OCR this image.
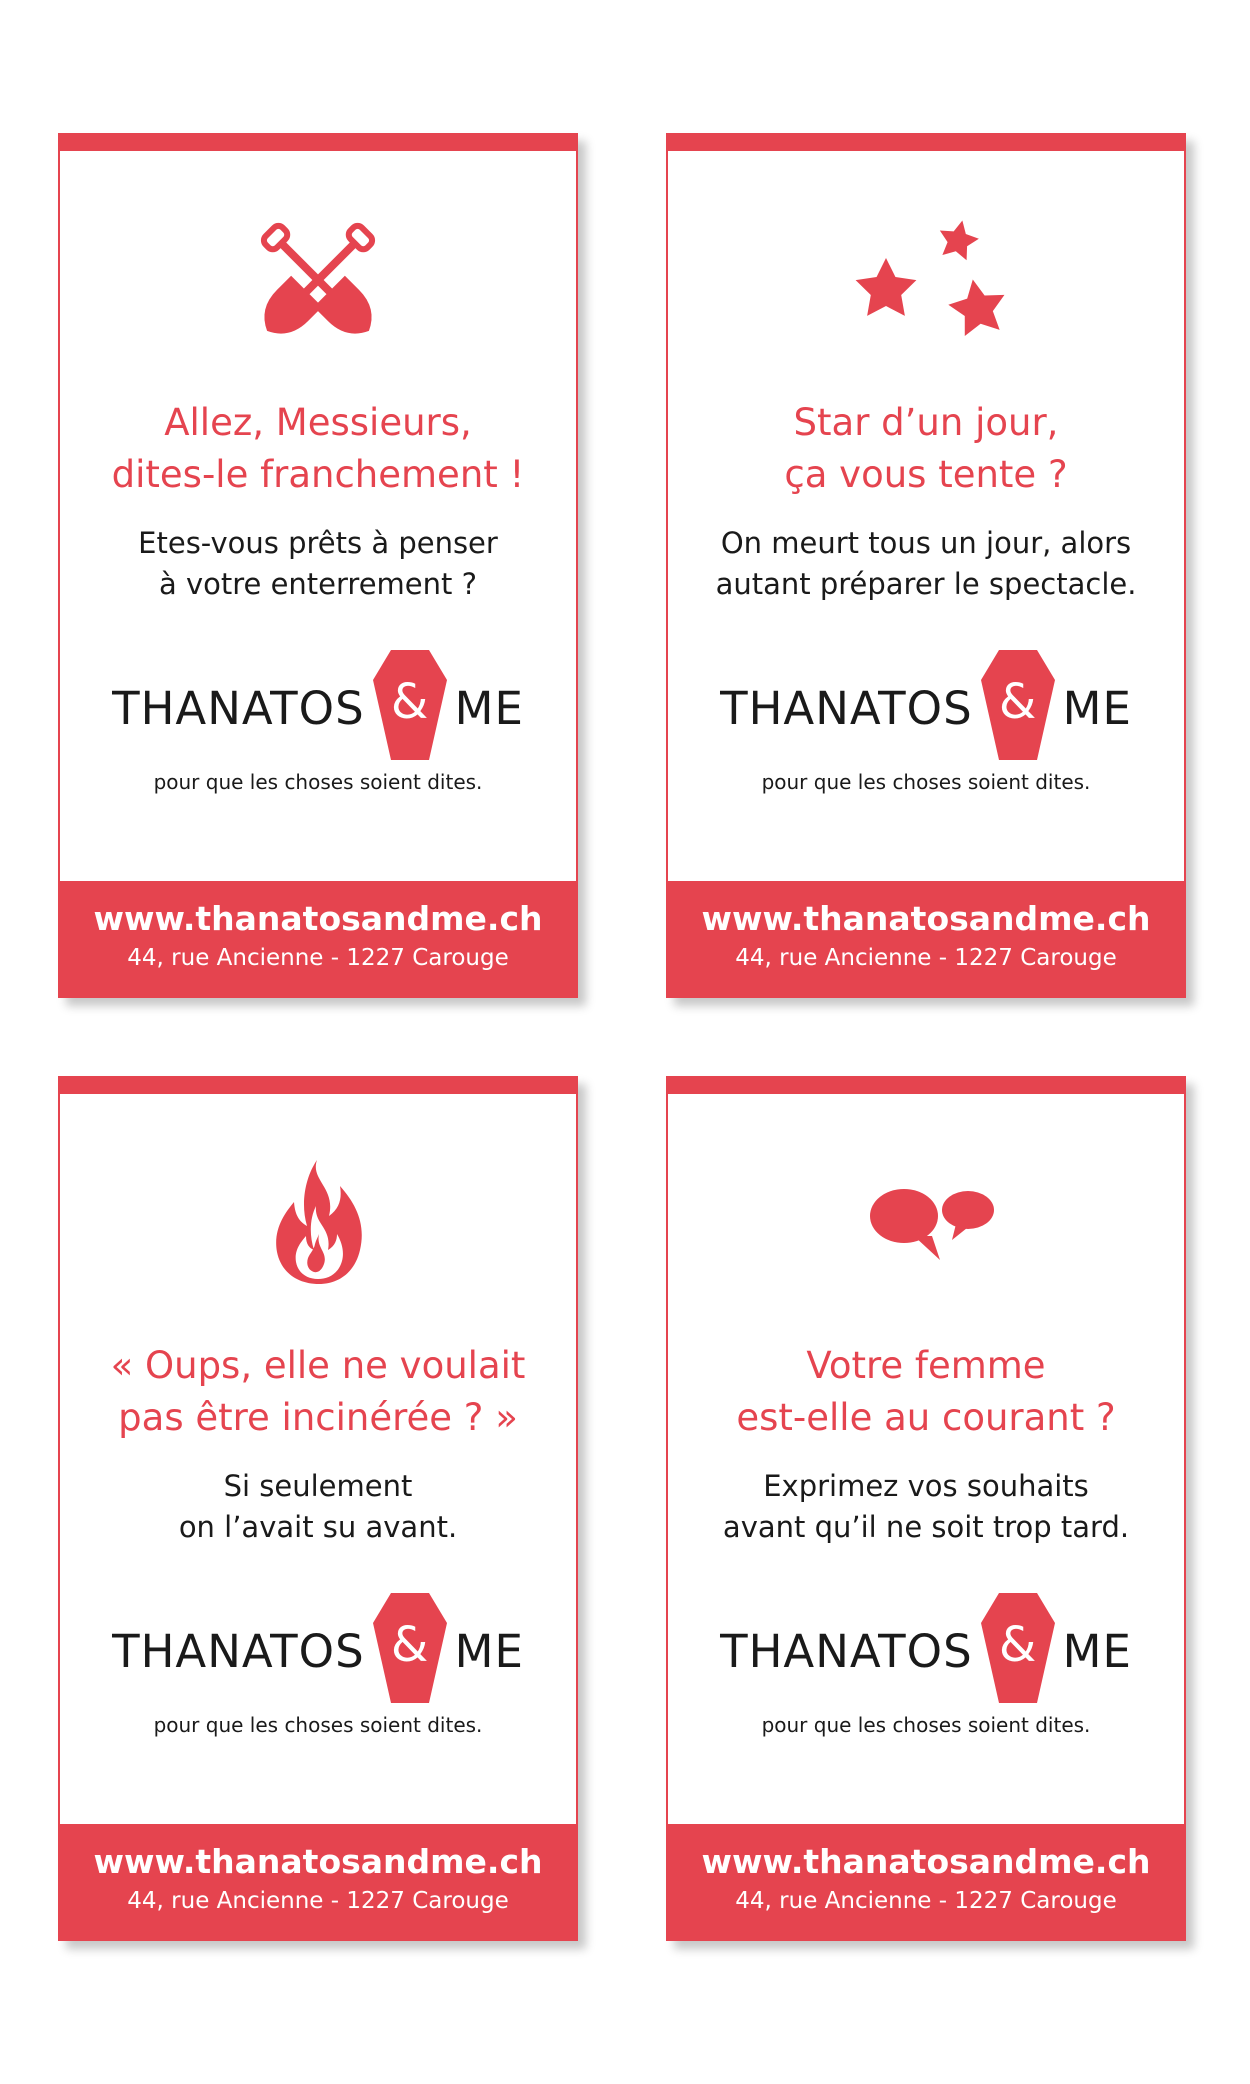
Allez, Messieurs,
dites-le franchement !
Etes-vous prêts à penser
à votre enterrement ?
THANATOS & ME
pour que les choses soient dites.
www.thanatosandme.ch
44, rue Ancienne - 1227 Carouge
Star d’un jour,
ça vous tente ?
On meurt tous un jour, alors
autant préparer le spectacle.
THANATOS & ME
pour que les choses soient dites.
www.thanatosandme.ch
44, rue Ancienne - 1227 Carouge
« Oups, elle ne voulait
pas être incinérée ? »
Si seulement
on l’avait su avant.
THANATOS & ME
pour que les choses soient dites.
www.thanatosandme.ch
44, rue Ancienne - 1227 Carouge
Votre femme
est-elle au courant ?
Exprimez vos souhaits
avant qu’il ne soit trop tard.
THANATOS & ME
pour que les choses soient dites.
www.thanatosandme.ch
44, rue Ancienne - 1227 Carouge
